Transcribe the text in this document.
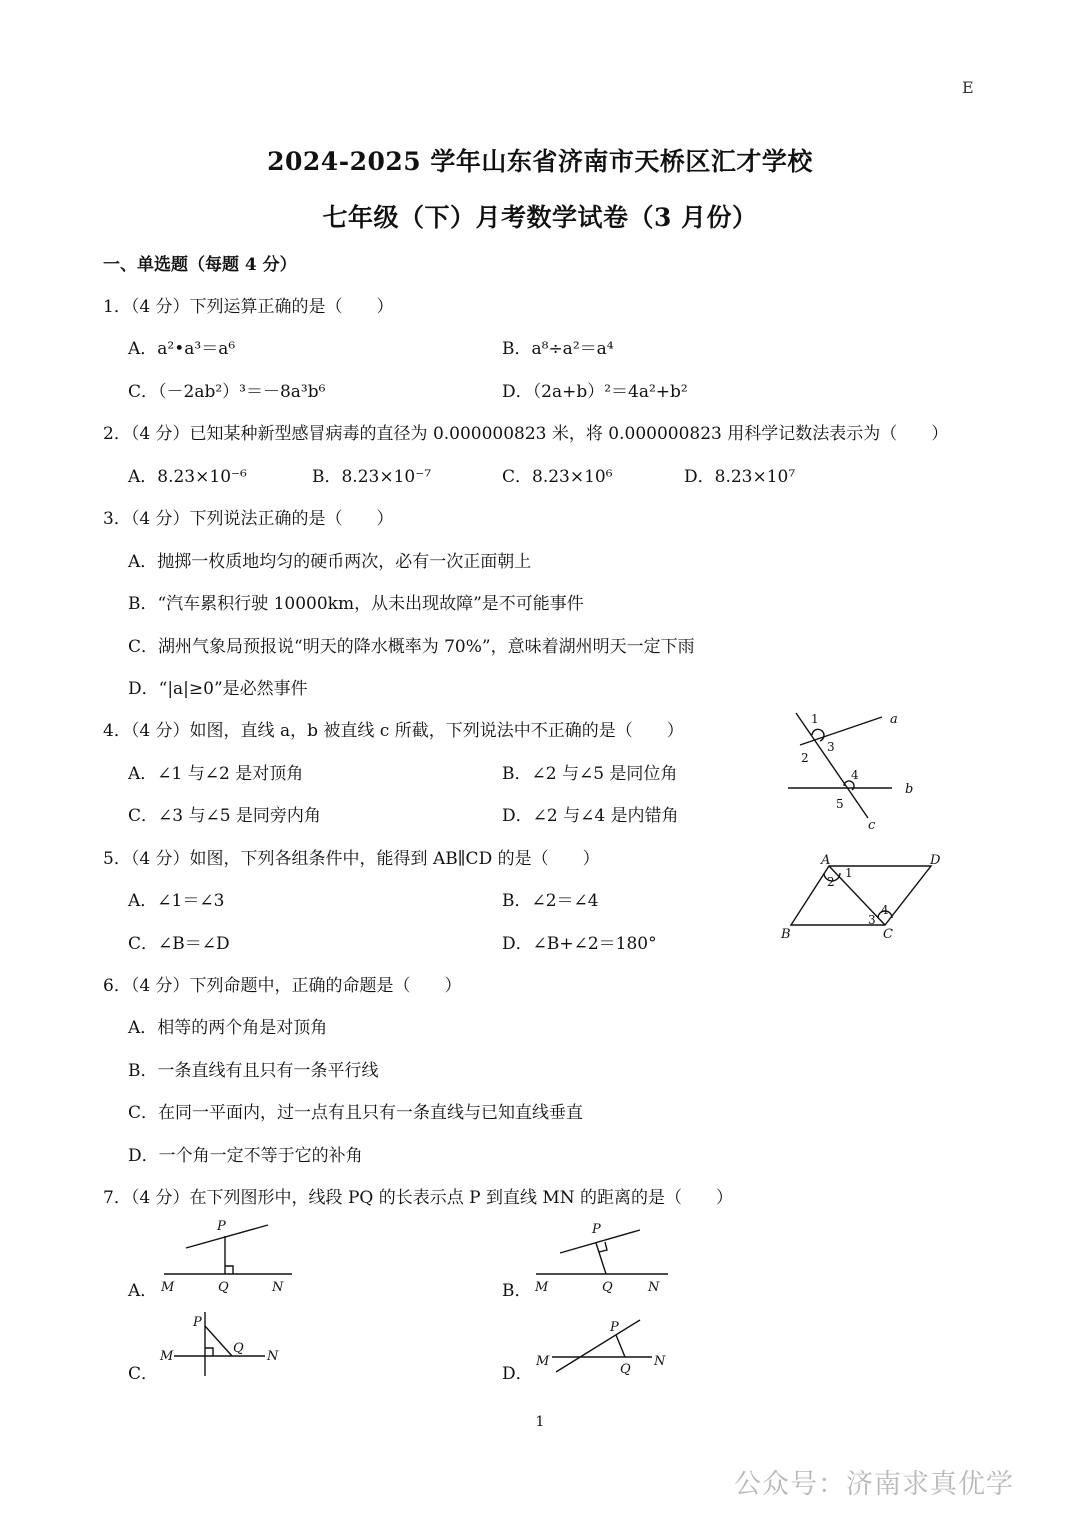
E
2024-2025 学年山东省济南市天桥区汇才学校
七年级（下）月考数学试卷（3 月份）
一、单选题（每题 4 分）
1．（4 分）下列运算正确的是（　　）
A．a²•a³＝a⁶	B．a⁸÷a²＝a⁴
C．（－2ab²）³＝－8a³b⁶	D．（2a+b）²＝4a²+b²
2．（4 分）已知某种新型感冒病毒的直径为 0.000000823 米，将 0.000000823 用科学记数法表示为（　　）
A．8.23×10⁻⁶	B．8.23×10⁻⁷	C．8.23×10⁶	D．8.23×10⁷
3．（4 分）下列说法正确的是（　　）
A．抛掷一枚质地均匀的硬币两次，必有一次正面朝上
B．“汽车累积行驶 10000km，从未出现故障”是不可能事件
C．湖州气象局预报说“明天的降水概率为 70%”，意味着湖州明天一定下雨
D．“|a|≥0”是必然事件
4．（4 分）如图，直线 a，b 被直线 c 所截，下列说法中不正确的是（　　）
A．∠1 与∠2 是对顶角	B．∠2 与∠5 是同位角
C．∠3 与∠5 是同旁内角	D．∠2 与∠4 是内错角
a
b
c
1
2
3
4
5
5．（4 分）如图，下列各组条件中，能得到 AB∥CD 的是（　　）
A．∠1＝∠3	B．∠2＝∠4
C．∠B＝∠D	D．∠B+∠2＝180°
A	D
B	C
1
2
3
4
6．（4 分）下列命题中，正确的命题是（　　）
A．相等的两个角是对顶角
B．一条直线有且只有一条平行线
C．在同一平面内，过一点有且只有一条直线与已知直线垂直
D．一个角一定不等于它的补角
7．（4 分）在下列图形中，线段 PQ 的长表示点 P 到直线 MN 的距离的是（　　）
A．	B．
C．	D．
P
Q
M	N
P
Q
M	N
P
Q
M	N
P
Q
M	N
1
公众号：济南求真优学
